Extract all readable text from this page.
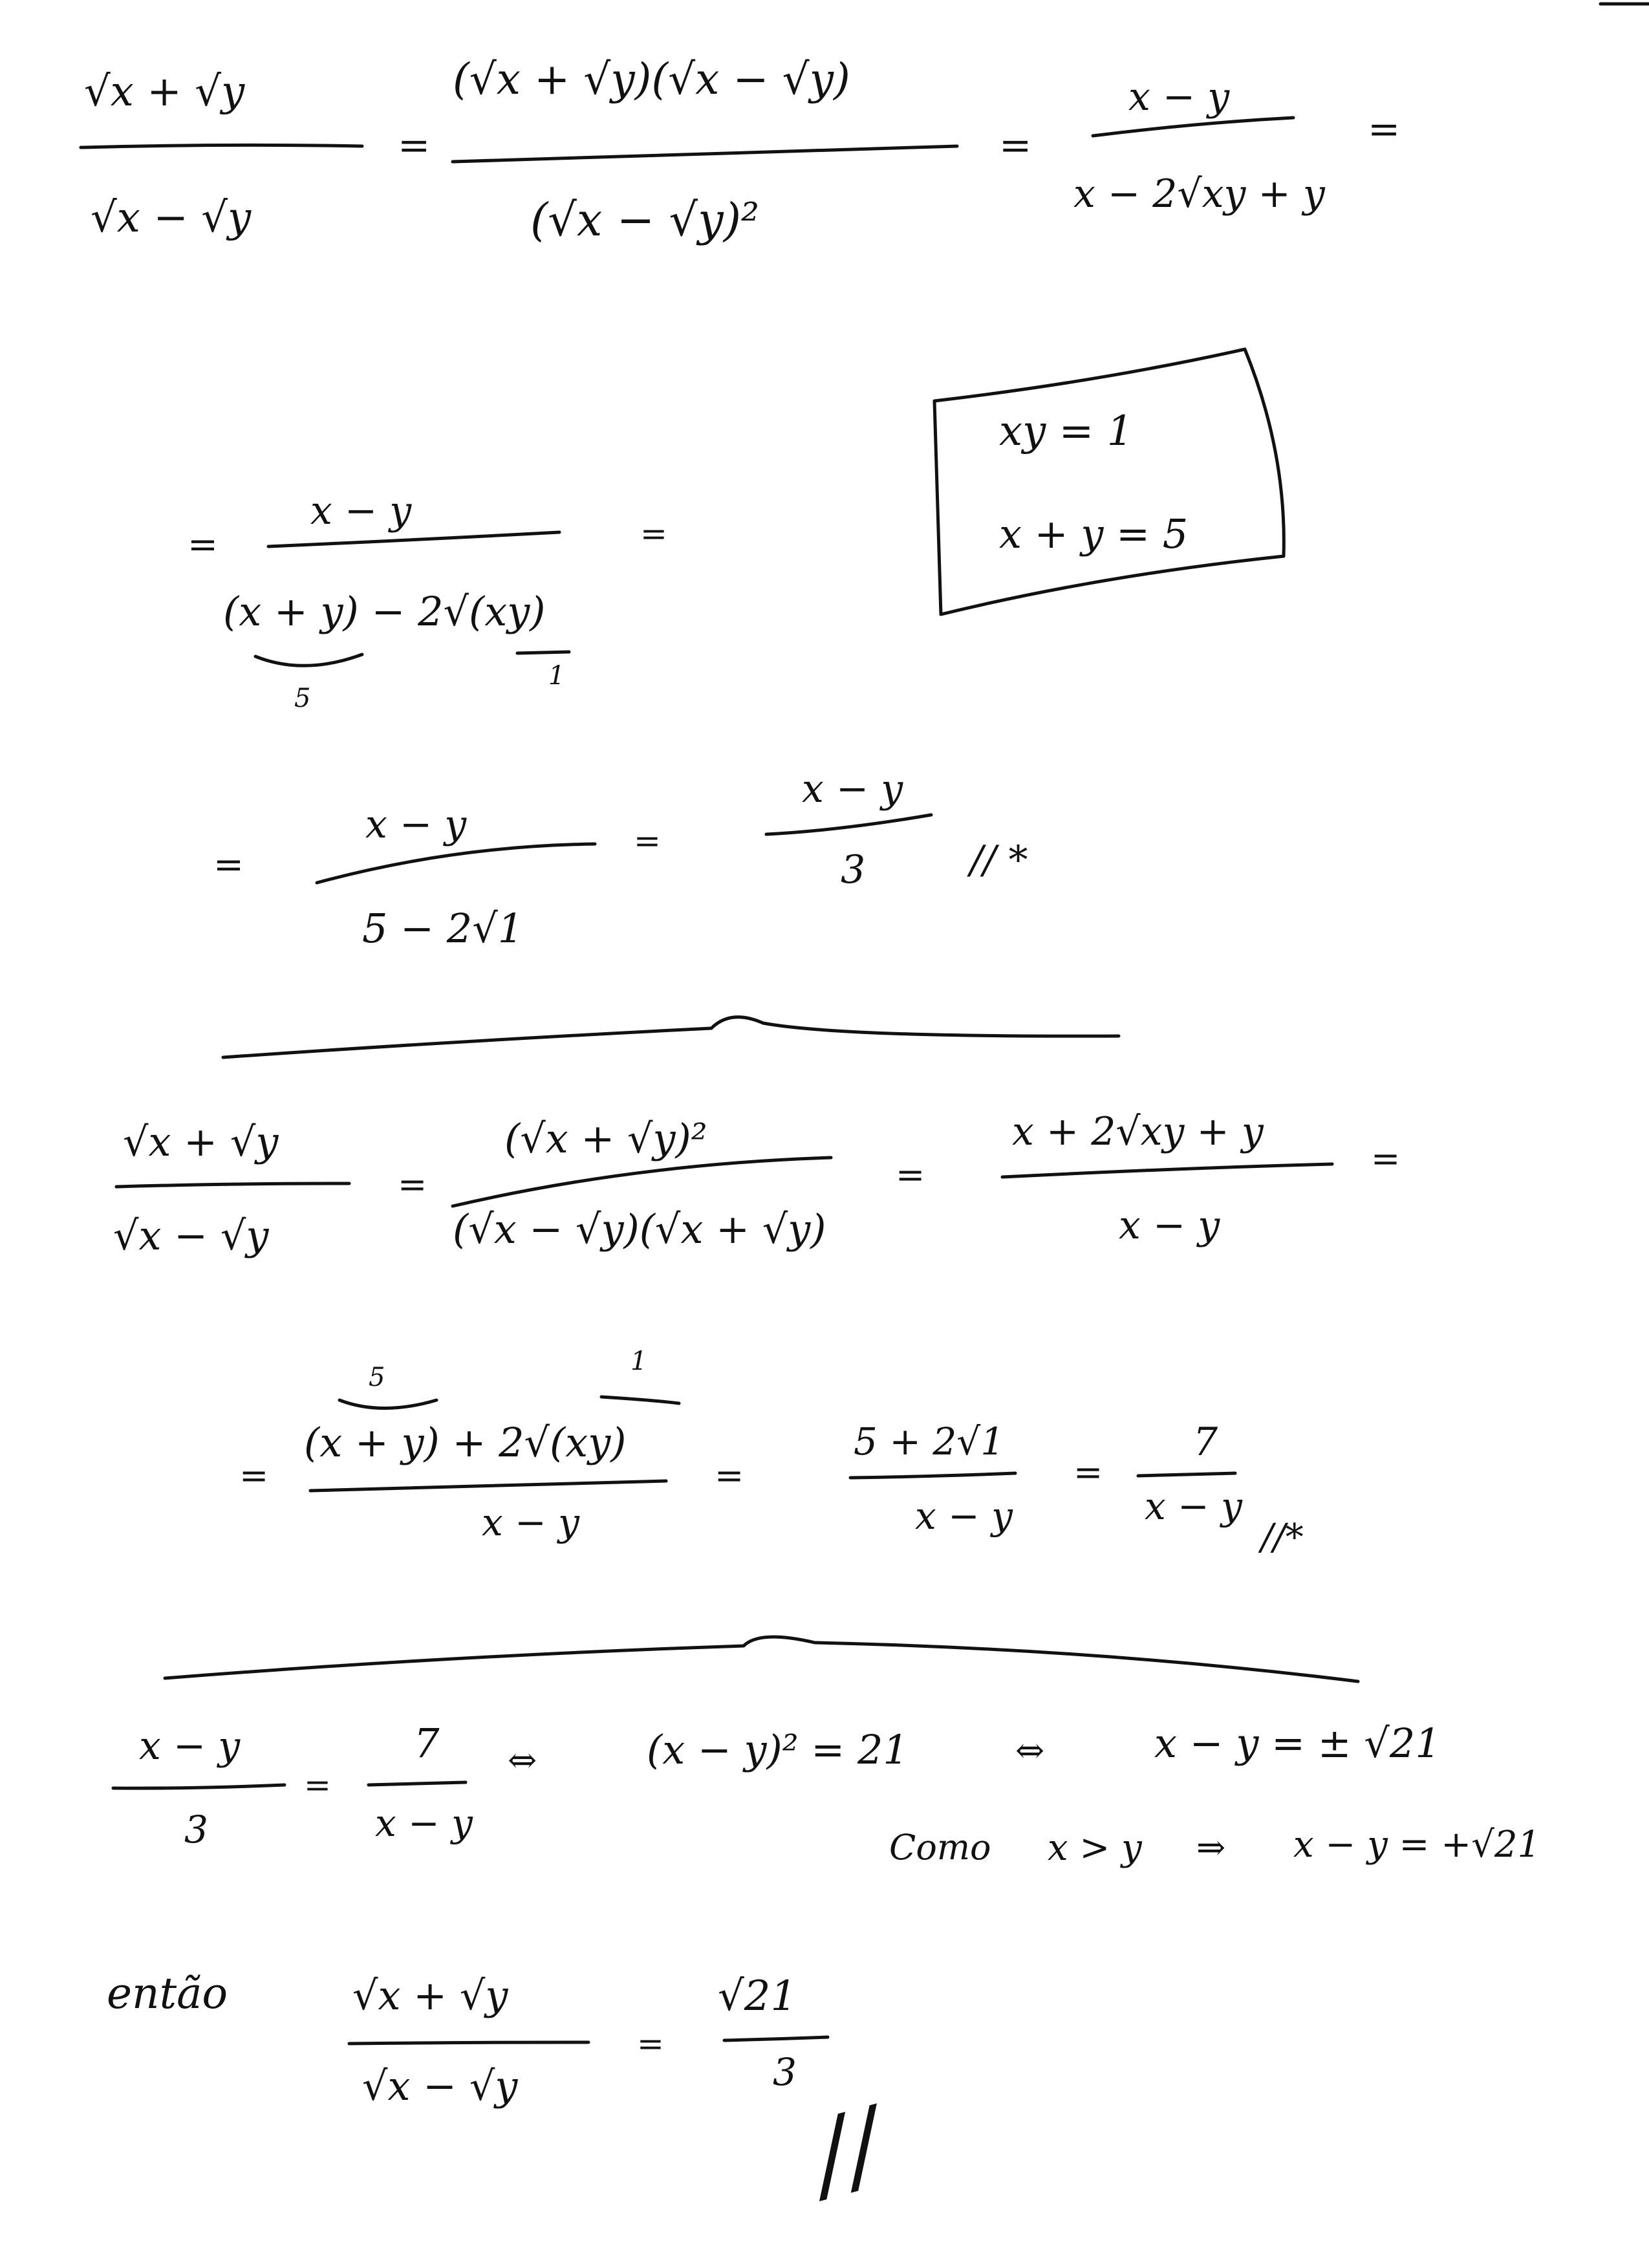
√x + √y
√x − √y
=
(√x + √y)(√x − √y)
(√x − √y)²
=
x − y
x − 2√xy + y
=
xy = 1
x + y = 5
=
x − y
(x + y) − 2√(xy)
5
1
=
=
x − y
5 − 2√1
=
x − y
3	// *
√x + √y
√x − √y
=
(√x + √y)²
(√x − √y)(√x + √y)
=
x + 2√xy + y
x − y
=
=
5
1
(x + y) + 2√(xy)
x − y
=
5 + 2√1
x − y
=
7
x − y
//*
x − y
3
=
7
x − y
⇔	(x − y)² = 21	⇔	x − y = ± √21
Como x > y ⇒ x − y = +√21
então	√x + √y
√x − √y
=
√21
3
//
